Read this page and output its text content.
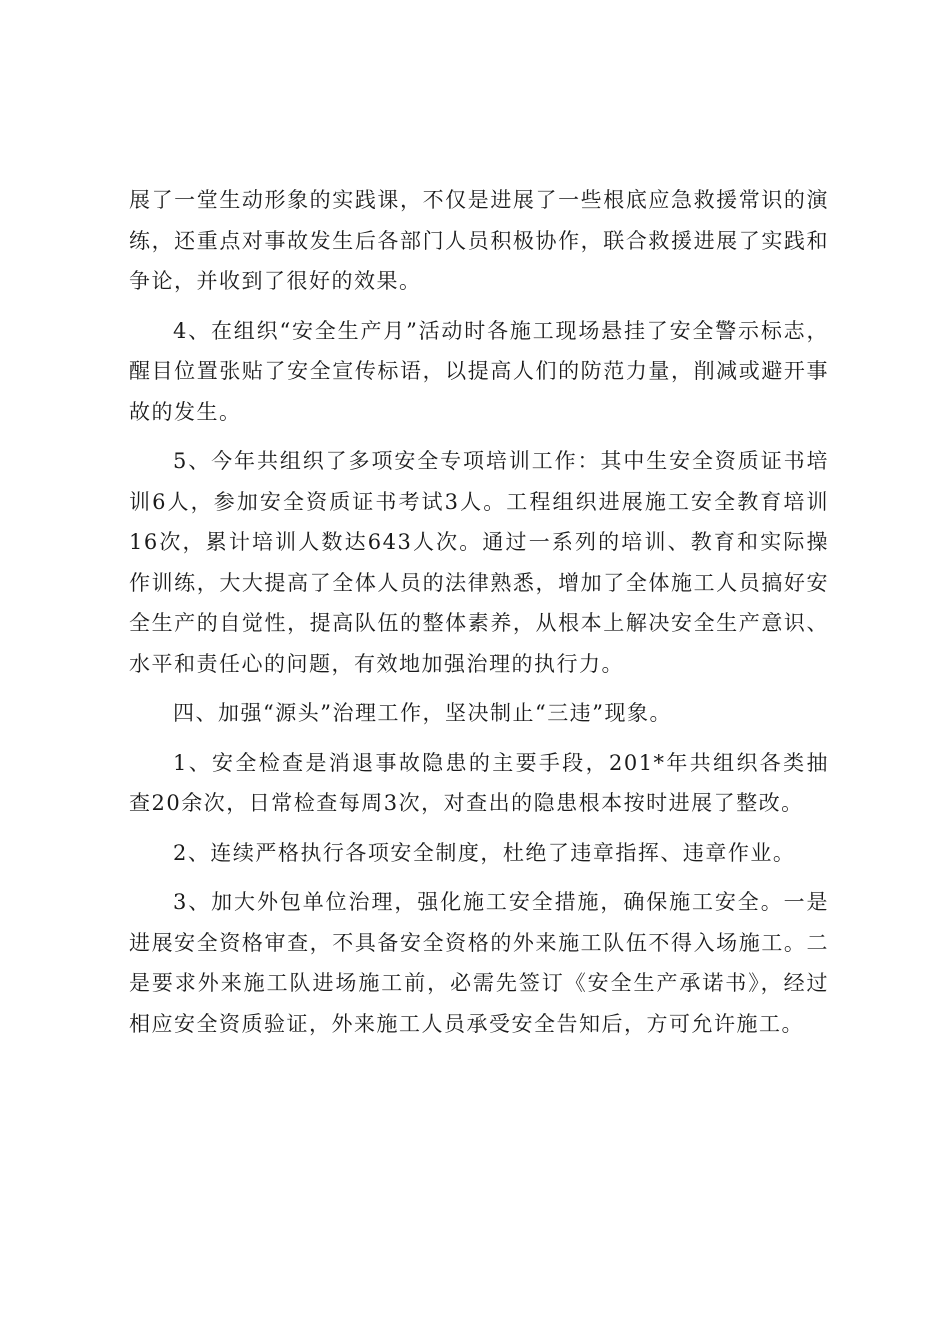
展了一堂生动形象的实践课，不仅是进展了一些根底应急救援常识的演练，还重点对事故发生后各部门人员积极协作，联合救援进展了实践和争论，并收到了很好的效果。

4、在组织“安全生产月”活动时各施工现场悬挂了安全警示标志，醒目位置张贴了安全宣传标语，以提高人们的防范力量，削减或避开事故的发生。

5、今年共组织了多项安全专项培训工作：其中生安全资质证书培训6人，参加安全资质证书考试3人。工程组织进展施工安全教育培训16次，累计培训人数达643人次。通过一系列的培训、教育和实际操作训练，大大提高了全体人员的法律熟悉，增加了全体施工人员搞好安全生产的自觉性，提高队伍的整体素养，从根本上解决安全生产意识、水平和责任心的问题，有效地加强治理的执行力。

四、加强“源头”治理工作，坚决制止“三违”现象。

1、安全检查是消退事故隐患的主要手段，201*年共组织各类抽查20余次，日常检查每周3次，对查出的隐患根本按时进展了整改。

2、连续严格执行各项安全制度，杜绝了违章指挥、违章作业。

3、加大外包单位治理，强化施工安全措施，确保施工安全。一是进展安全资格审查，不具备安全资格的外来施工队伍不得入场施工。二是要求外来施工队进场施工前，必需先签订《安全生产承诺书》，经过相应安全资质验证，外来施工人员承受安全告知后，方可允许施工。
